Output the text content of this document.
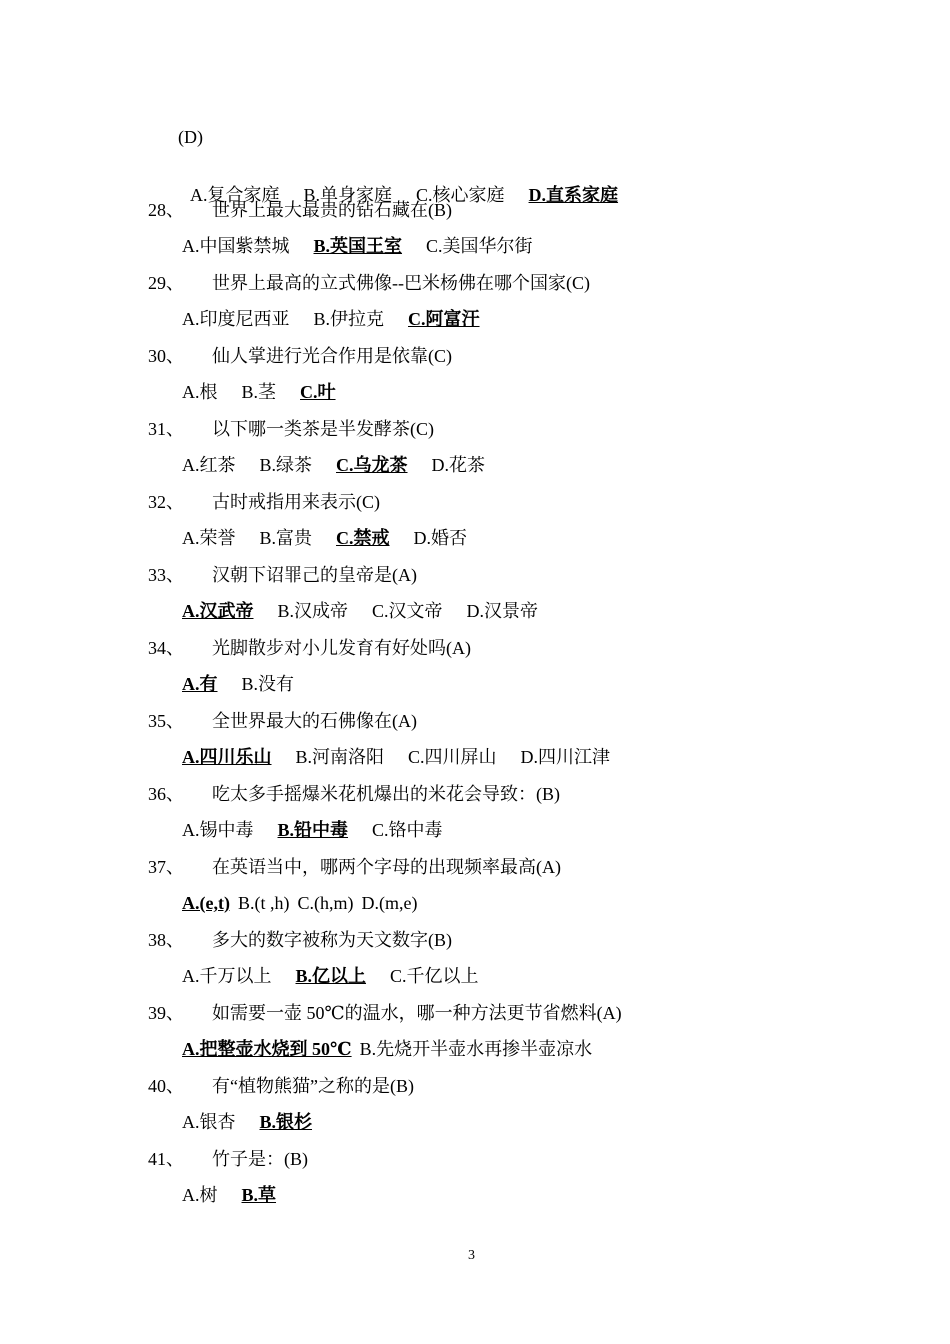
(D)

A.复合家庭 B.单身家庭 C.核心家庭 D.直系家庭

28、 世界上最大最贵的钻石藏在(B)
A.中国紫禁城 B.英国王室 C.美国华尔街
29、 世界上最高的立式佛像--巴米杨佛在哪个国家(C)
A.印度尼西亚 B.伊拉克 C.阿富汗
30、 仙人掌进行光合作用是依靠(C)
A.根 B.茎 C.叶
31、 以下哪一类茶是半发酵茶(C)
A.红茶 B.绿茶 C.乌龙茶 D.花茶
32、 古时戒指用来表示(C)
A.荣誉 B.富贵 C.禁戒 D.婚否
33、 汉朝下诏罪己的皇帝是(A)
A.汉武帝 B.汉成帝 C.汉文帝 D.汉景帝
34、 光脚散步对小儿发育有好处吗(A)
A.有 B.没有
35、 全世界最大的石佛像在(A)
A.四川乐山 B.河南洛阳 C.四川屏山 D.四川江津
36、 吃太多手摇爆米花机爆出的米花会导致：(B)
A.锡中毒 B.铅中毒 C.铬中毒
37、 在英语当中，哪两个字母的出现频率最高(A)
A.(e,t) B.(t ,h) C.(h,m) D.(m,e)
38、 多大的数字被称为天文数字(B)
A.千万以上 B.亿以上 C.千亿以上
39、 如需要一壶 50℃的温水，哪一种方法更节省燃料(A)
A.把整壶水烧到 50℃ B.先烧开半壶水再掺半壶凉水
40、 有“植物熊猫”之称的是(B)
A.银杏 B.银杉
41、 竹子是：(B)
A.树 B.草
3
